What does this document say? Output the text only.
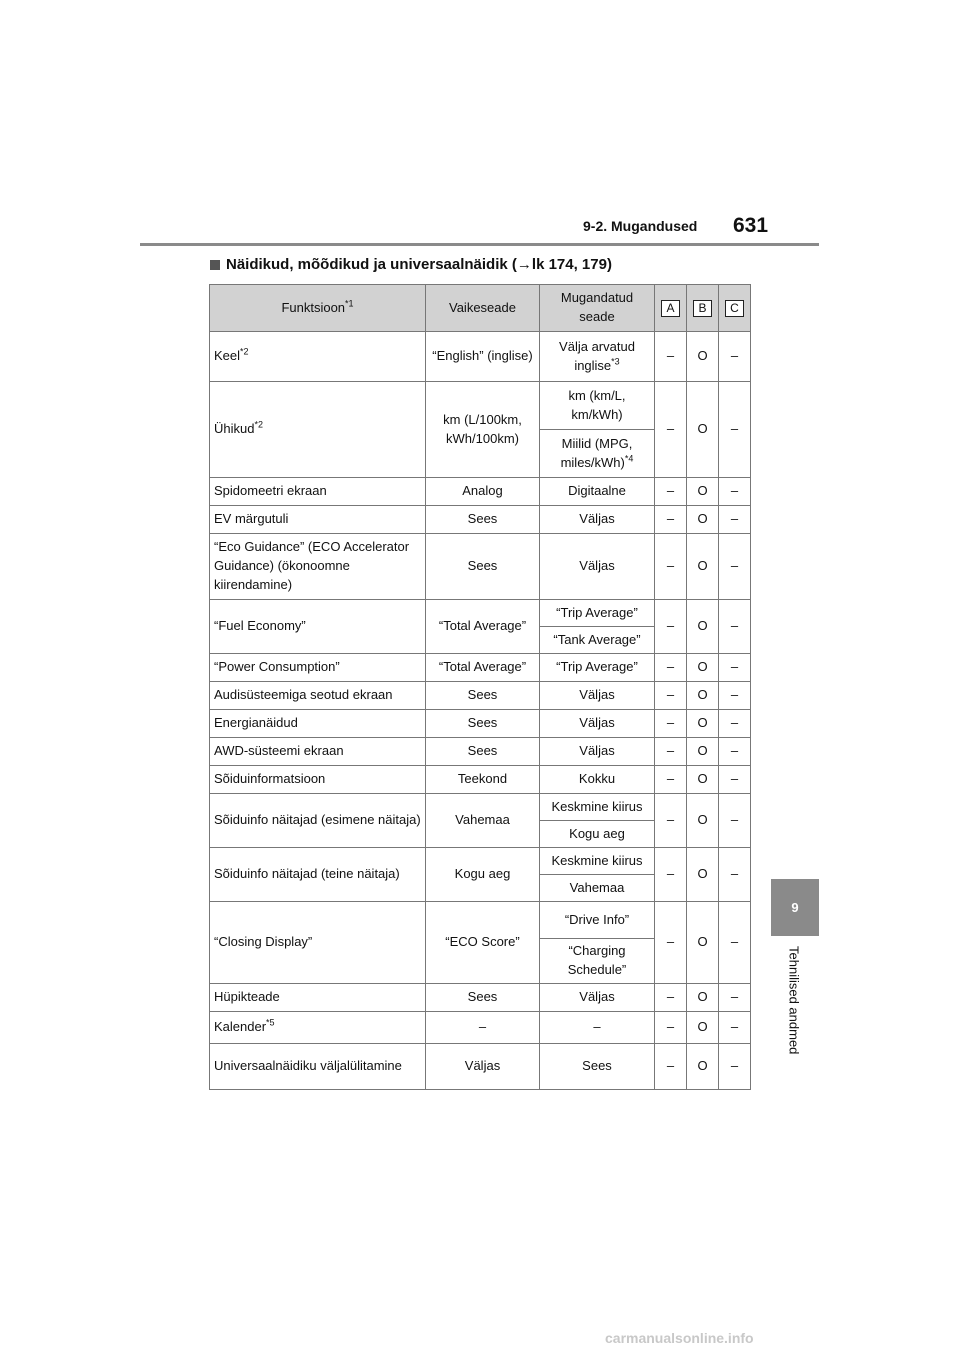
9-2. Mugandused 631
9
Tehnilised andmed
Näidikud, mõõdikud ja universaalnäidik (→lk 174, 179)
Funktsioon$^{*1}$	Vaikeseade	Mugandatud seade	A	B	C
Keel$^{*2}$	“English” (inglise)	Välja arvatud inglise$^{*3}$	–	O	–
Ühikud$^{*2}$	km (L/100km, kWh/100km)	km (km/L, km/kWh)	–	O	–
		Miilid (MPG, miles/kWh)$^{*4}$
Spidomeetri ekraan	Analog	Digitaalne	–	O	–
EV märgutuli	Sees	Väljas	–	O	–
“Eco Guidance” (ECO Accelerator Guidance) (ökonoomne kiirendamine)	Sees	Väljas	–	O	–
“Fuel Economy”	“Total Average”	“Trip Average”	–	O	–
		“Tank Average”			
“Power Consumption”	“Total Average”	“Trip Average”	–	O	–
Audisüsteemiga seotud ekraan	Sees	Väljas	–	O	–
Energianäidud	Sees	Väljas	–	O	–
AWD-süsteemi ekraan	Sees	Väljas	–	O	–
Sõiduinformatsioon	Teekond	Kokku	–	O	–
Sõiduinfo näitajad (esimene näitaja)	Vahemaa	Keskmine kiirus	–	O	–
		Kogu aeg			
Sõiduinfo näitajad (teine näitaja)	Kogu aeg	Keskmine kiirus	–	O	–
		Vahemaa			
“Closing Display”	“ECO Score”	“Drive Info”	–	O	–
		“Charging Schedule”			
Hüpikteade	Sees	Väljas	–	O	–
Kalender$^{*5}$	–	–	–	O	–
Universaalnäidiku väljalülitamine	Väljas	Sees	–	O	–
carmanualsonline.info
